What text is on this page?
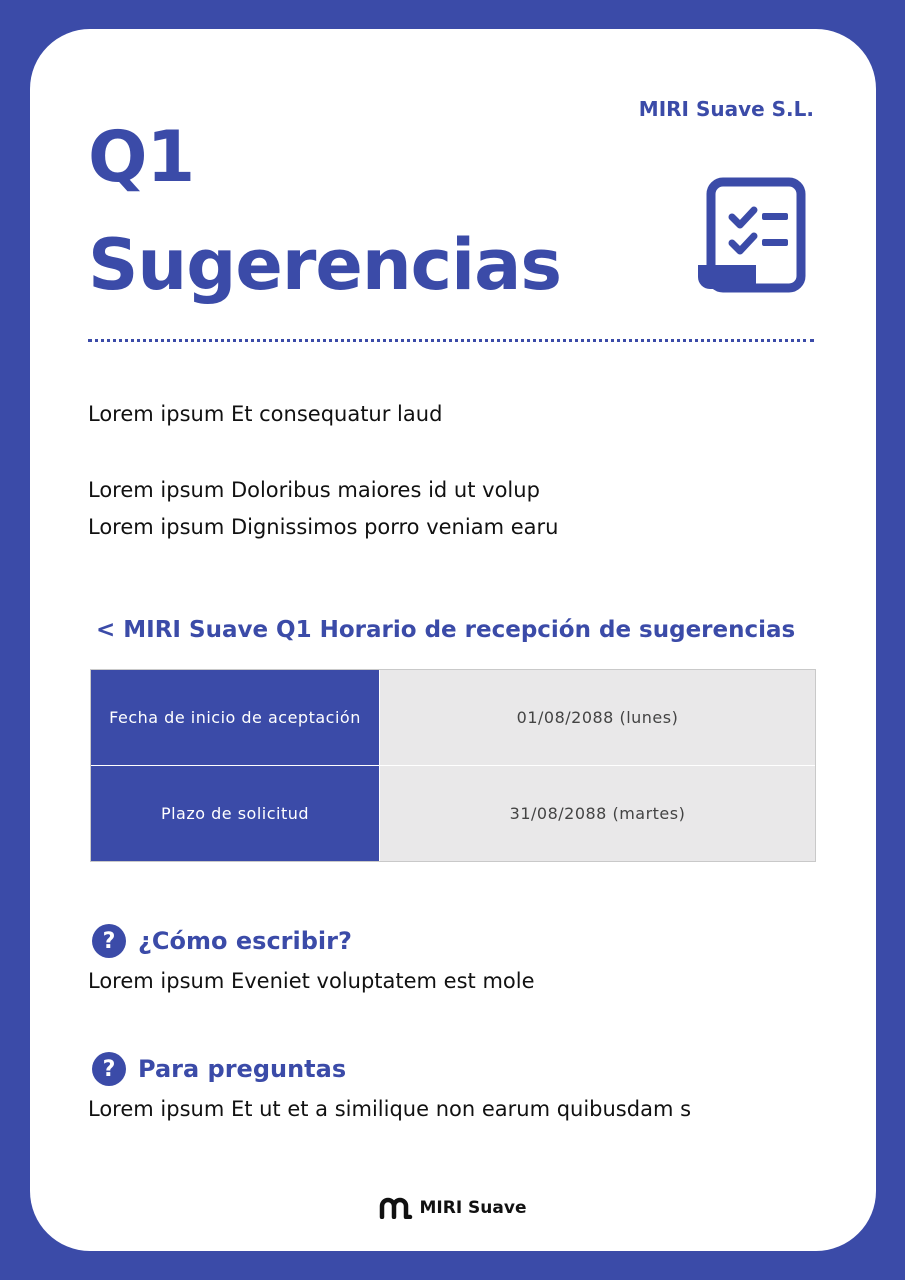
MIRI Suave S.L.
Q1
Sugerencias

Lorem ipsum Et consequatur laud

Lorem ipsum Doloribus maiores id ut volup

Lorem ipsum Dignissimos porro veniam earu

< MIRI Suave Q1 Horario de recepción de sugerencias
Fecha de inicio de aceptación	01/08/2088 (lunes)
Plazo de solicitud	31/08/2088 (martes)
? ¿Cómo escribir?

Lorem ipsum Eveniet voluptatem est mole

? Para preguntas

Lorem ipsum Et ut et a similique non earum quibusdam s

MIRI Suave
